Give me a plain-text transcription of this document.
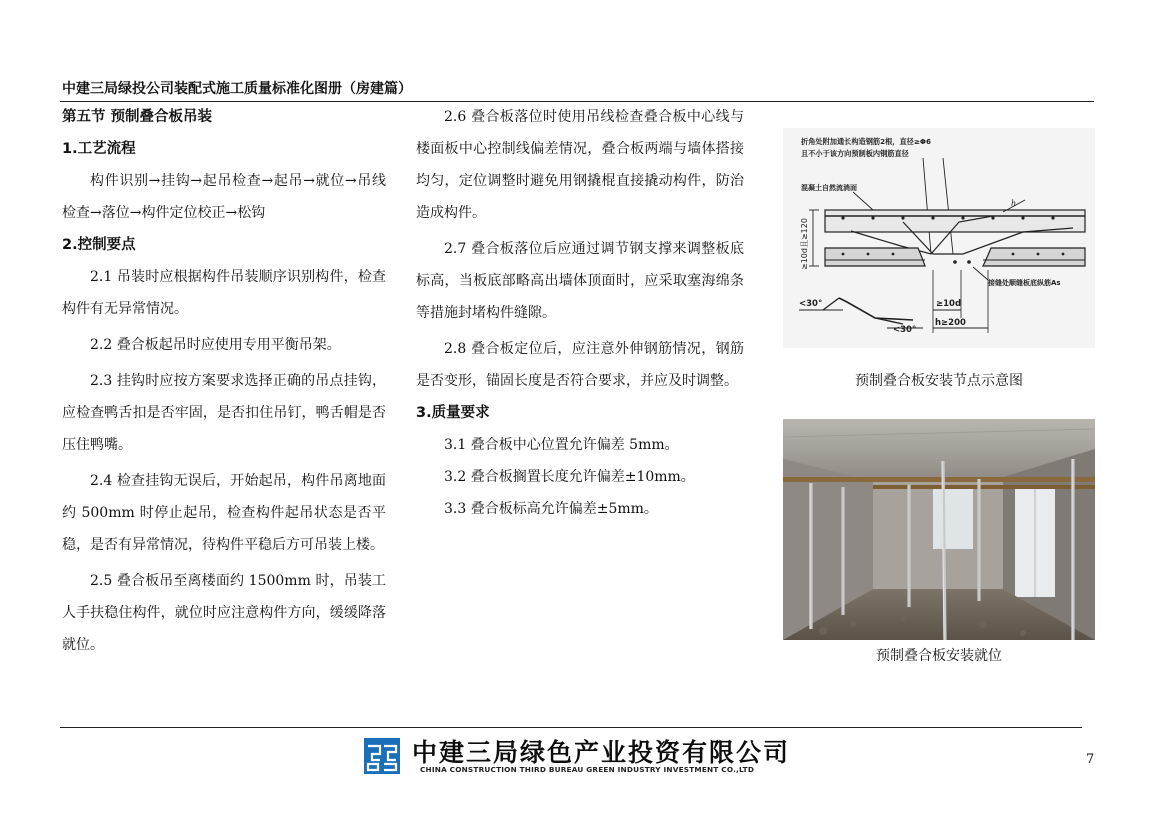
中建三局绿投公司装配式施工质量标准化图册（房建篇）

第五节 预制叠合板吊装

1.工艺流程

构件识别→挂钩→起吊检查→起吊→就位→吊线检查→落位→构件定位校正→松钩

2.控制要点

2.1 吊装时应根据构件吊装顺序识别构件，检查构件有无异常情况。

2.2 叠合板起吊时应使用专用平衡吊架。

2.3 挂钩时应按方案要求选择正确的吊点挂钩，应检查鸭舌扣是否牢固，是否扣住吊钉，鸭舌帽是否压住鸭嘴。

2.4 检查挂钩无误后，开始起吊，构件吊离地面约 500mm 时停止起吊，检查构件起吊状态是否平稳，是否有异常情况，待构件平稳后方可吊装上楼。

2.5 叠合板吊至离楼面约 1500mm 时，吊装工人手扶稳住构件，就位时应注意构件方向，缓缓降落就位。

2.6 叠合板落位时使用吊线检查叠合板中心线与楼面板中心控制线偏差情况，叠合板两端与墙体搭接均匀，定位调整时避免用钢撬棍直接撬动构件，防治造成构件。

2.7 叠合板落位后应通过调节钢支撑来调整板底标高，当板底部略高出墙体顶面时，应采取塞海绵条等措施封堵构件缝隙。

2.8 叠合板定位后，应注意外伸钢筋情况，钢筋是否变形，锚固长度是否符合要求，并应及时调整。

3.质量要求

3.1 叠合板中心位置允许偏差 5mm。

3.2 叠合板搁置长度允许偏差±10mm。

3.3 叠合板标高允许偏差±5mm。

折角处附加通长构造钢筋2根，直径≥Φ6
且不小于该方向预制板内钢筋直径
混凝土自然流淌面
h
≥10d且≥120
接缝处顺缝板底纵筋As
<30°
<30°
≥10d
h≥200
预制叠合板安装节点示意图
预制叠合板安装就位
中建三局绿色产业投资有限公司
CHINA CONSTRUCTION THIRD BUREAU GREEN INDUSTRY INVESTMENT CO.,LTD
7
